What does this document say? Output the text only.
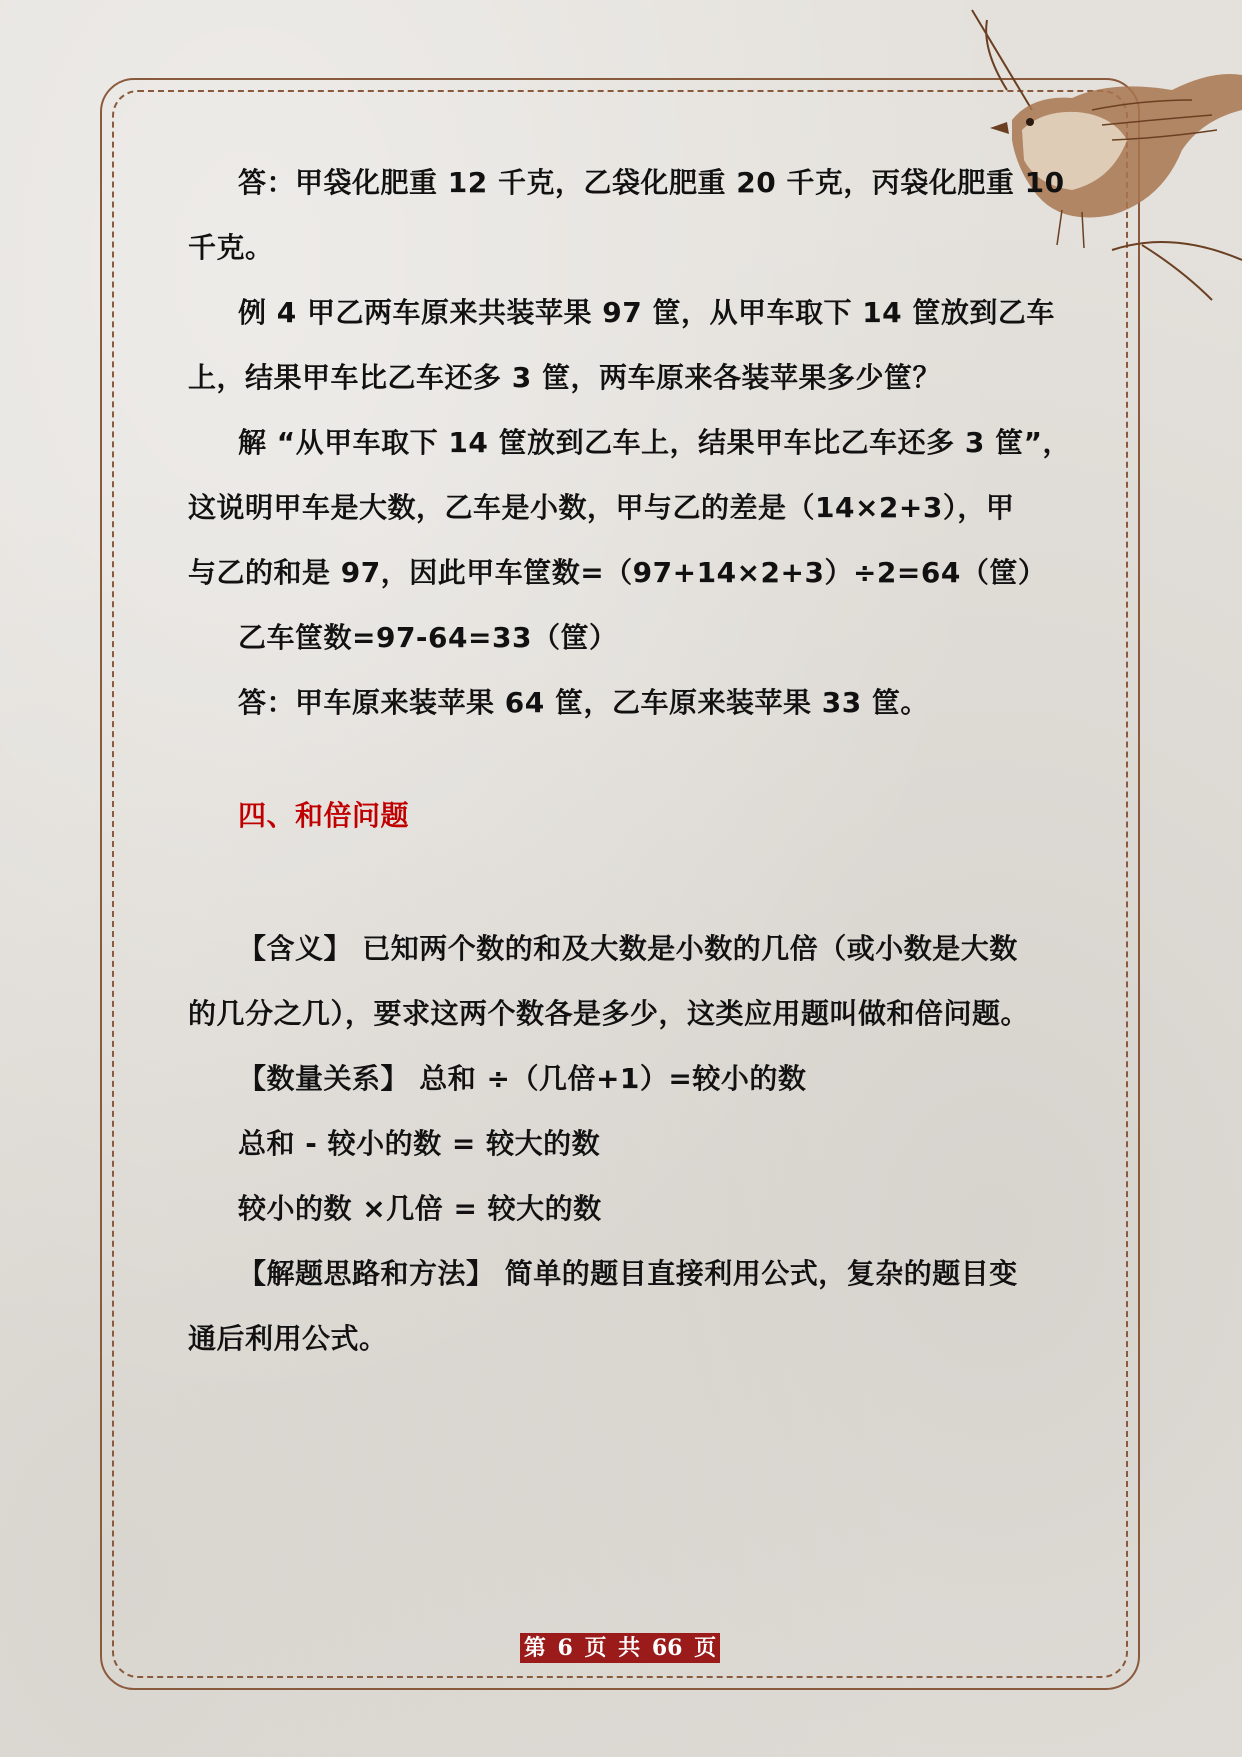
答：甲袋化肥重 12 千克，乙袋化肥重 20 千克，丙袋化肥重 10

千克。

例 4 甲乙两车原来共装苹果 97 筐，从甲车取下 14 筐放到乙车

上，结果甲车比乙车还多 3 筐，两车原来各装苹果多少筐？

解 “从甲车取下 14 筐放到乙车上，结果甲车比乙车还多 3 筐”，

这说明甲车是大数，乙车是小数，甲与乙的差是（14×2+3），甲

与乙的和是 97，因此甲车筐数=（97+14×2+3）÷2=64（筐）

乙车筐数=97-64=33（筐）

答：甲车原来装苹果 64 筐，乙车原来装苹果 33 筐。

四、和倍问题

【含义】 已知两个数的和及大数是小数的几倍（或小数是大数

的几分之几），要求这两个数各是多少，这类应用题叫做和倍问题。

【数量关系】 总和 ÷（几倍+1）=较小的数

总和 - 较小的数 = 较大的数

较小的数 ×几倍 = 较大的数

【解题思路和方法】 简单的题目直接利用公式，复杂的题目变

通后利用公式。

第 6 页 共 66 页
